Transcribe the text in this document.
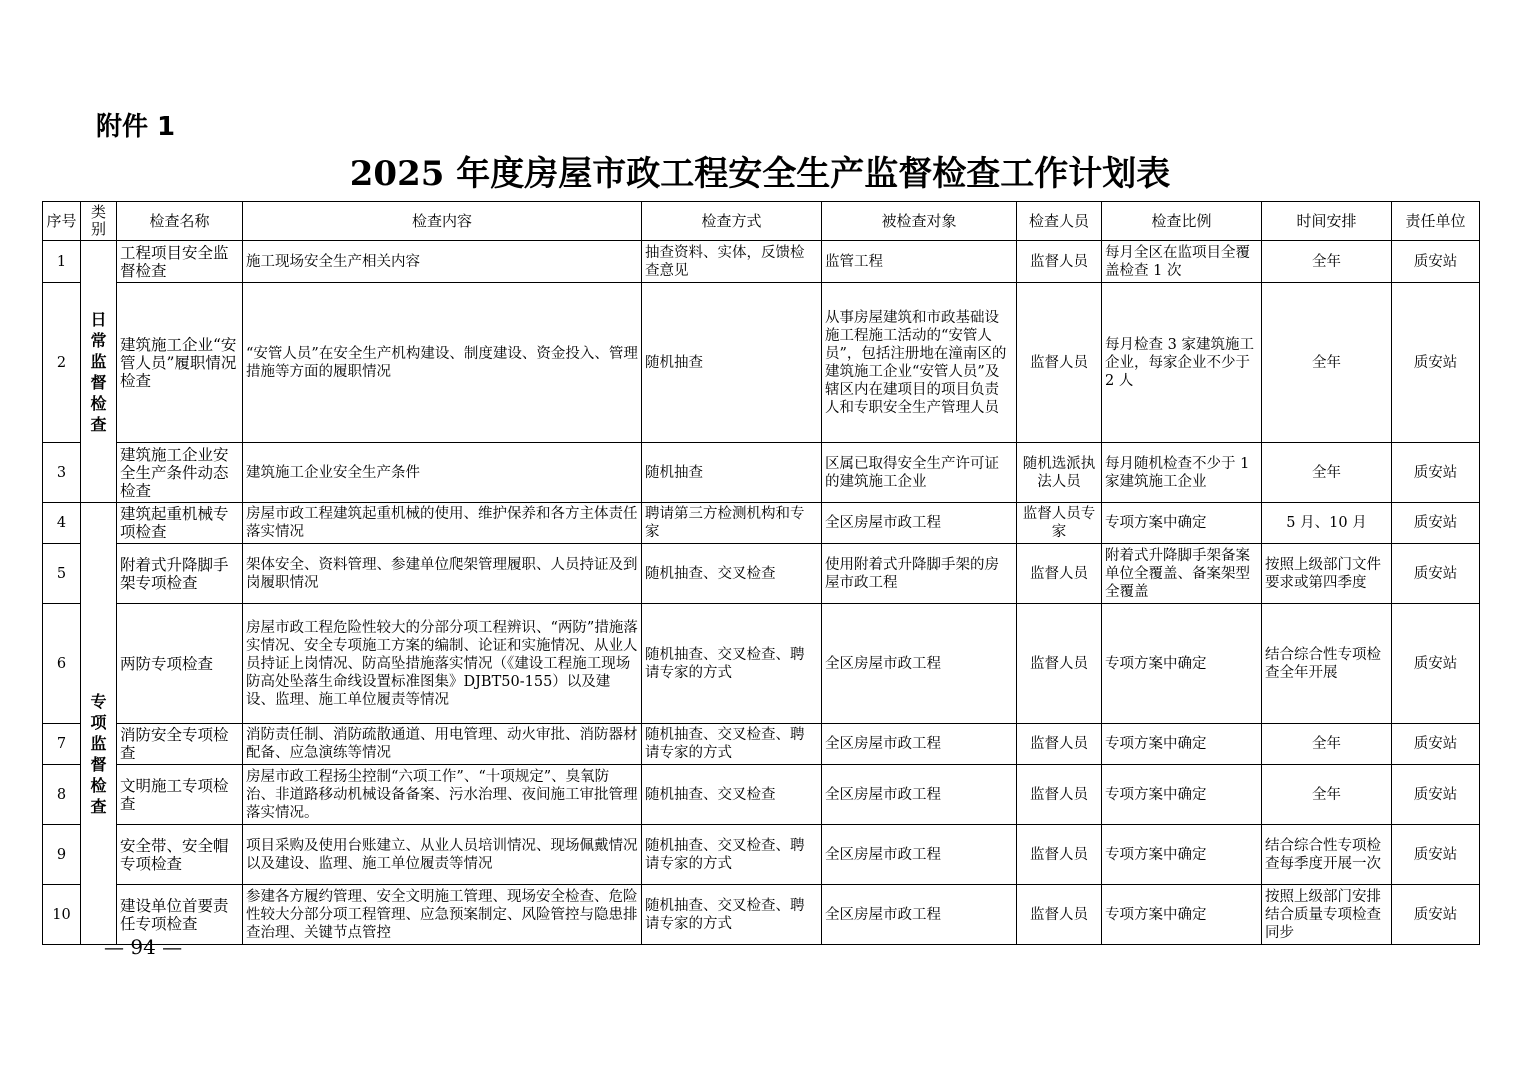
附件 1
2025 年度房屋市政工程安全生产监督检查工作计划表
序号	类别	检查名称	检查内容	检查方式	被检查对象	检查人员	检查比例	时间安排	责任单位
1	日常监督检查	工程项目安全监督检查	施工现场安全生产相关内容	抽查资料、实体，反馈检查意见	监管工程	监督人员	每月全区在监项目全覆盖检查 1 次	全年	质安站
2		建筑施工企业“安管人员”履职情况检查	“安管人员”在安全生产机构建设、制度建设、资金投入、管理措施等方面的履职情况	随机抽查	从事房屋建筑和市政基础设施工程施工活动的“安管人员”，包括注册地在潼南区的建筑施工企业“安管人员”及辖区内在建项目的项目负责人和专职安全生产管理人员	监督人员	每月检查 3 家建筑施工企业，每家企业不少于 2 人	全年	质安站
3		建筑施工企业安全生产条件动态检查	建筑施工企业安全生产条件	随机抽查	区属已取得安全生产许可证的建筑施工企业	随机选派执法人员	每月随机检查不少于 1 家建筑施工企业	全年	质安站
4	专项监督检查	建筑起重机械专项检查	房屋市政工程建筑起重机械的使用、维护保养和各方主体责任落实情况	聘请第三方检测机构和专家	全区房屋市政工程	监督人员专家	专项方案中确定	5 月、10 月	质安站
5		附着式升降脚手架专项检查	架体安全、资料管理、参建单位爬架管理履职、人员持证及到岗履职情况	随机抽查、交叉检查	使用附着式升降脚手架的房屋市政工程	监督人员	附着式升降脚手架备案单位全覆盖、备案架型全覆盖	按照上级部门文件要求或第四季度	质安站
6		两防专项检查	房屋市政工程危险性较大的分部分项工程辨识、“两防”措施落实情况、安全专项施工方案的编制、论证和实施情况、从业人员持证上岗情况、防高坠措施落实情况（《建设工程施工现场防高处坠落生命线设置标准图集》DJBT50-155）以及建设、监理、施工单位履责等情况	随机抽查、交叉检查、聘请专家的方式	全区房屋市政工程	监督人员	专项方案中确定	结合综合性专项检查全年开展	质安站
7		消防安全专项检查	消防责任制、消防疏散通道、用电管理、动火审批、消防器材配备、应急演练等情况	随机抽查、交叉检查、聘请专家的方式	全区房屋市政工程	监督人员	专项方案中确定	全年	质安站
8		文明施工专项检查	房屋市政工程扬尘控制“六项工作”、“十项规定”、臭氧防治、非道路移动机械设备备案、污水治理、夜间施工审批管理落实情况。	随机抽查、交叉检查	全区房屋市政工程	监督人员	专项方案中确定	全年	质安站
9		安全带、安全帽专项检查	项目采购及使用台账建立、从业人员培训情况、现场佩戴情况以及建设、监理、施工单位履责等情况	随机抽查、交叉检查、聘请专家的方式	全区房屋市政工程	监督人员	专项方案中确定	结合综合性专项检查每季度开展一次	质安站
10		建设单位首要责任专项检查	参建各方履约管理、安全文明施工管理、现场安全检查、危险性较大分部分项工程管理、应急预案制定、风险管控与隐患排查治理、关键节点管控	随机抽查、交叉检查、聘请专家的方式	全区房屋市政工程	监督人员	专项方案中确定	按照上级部门安排结合质量专项检查同步	质安站
— 94 —
